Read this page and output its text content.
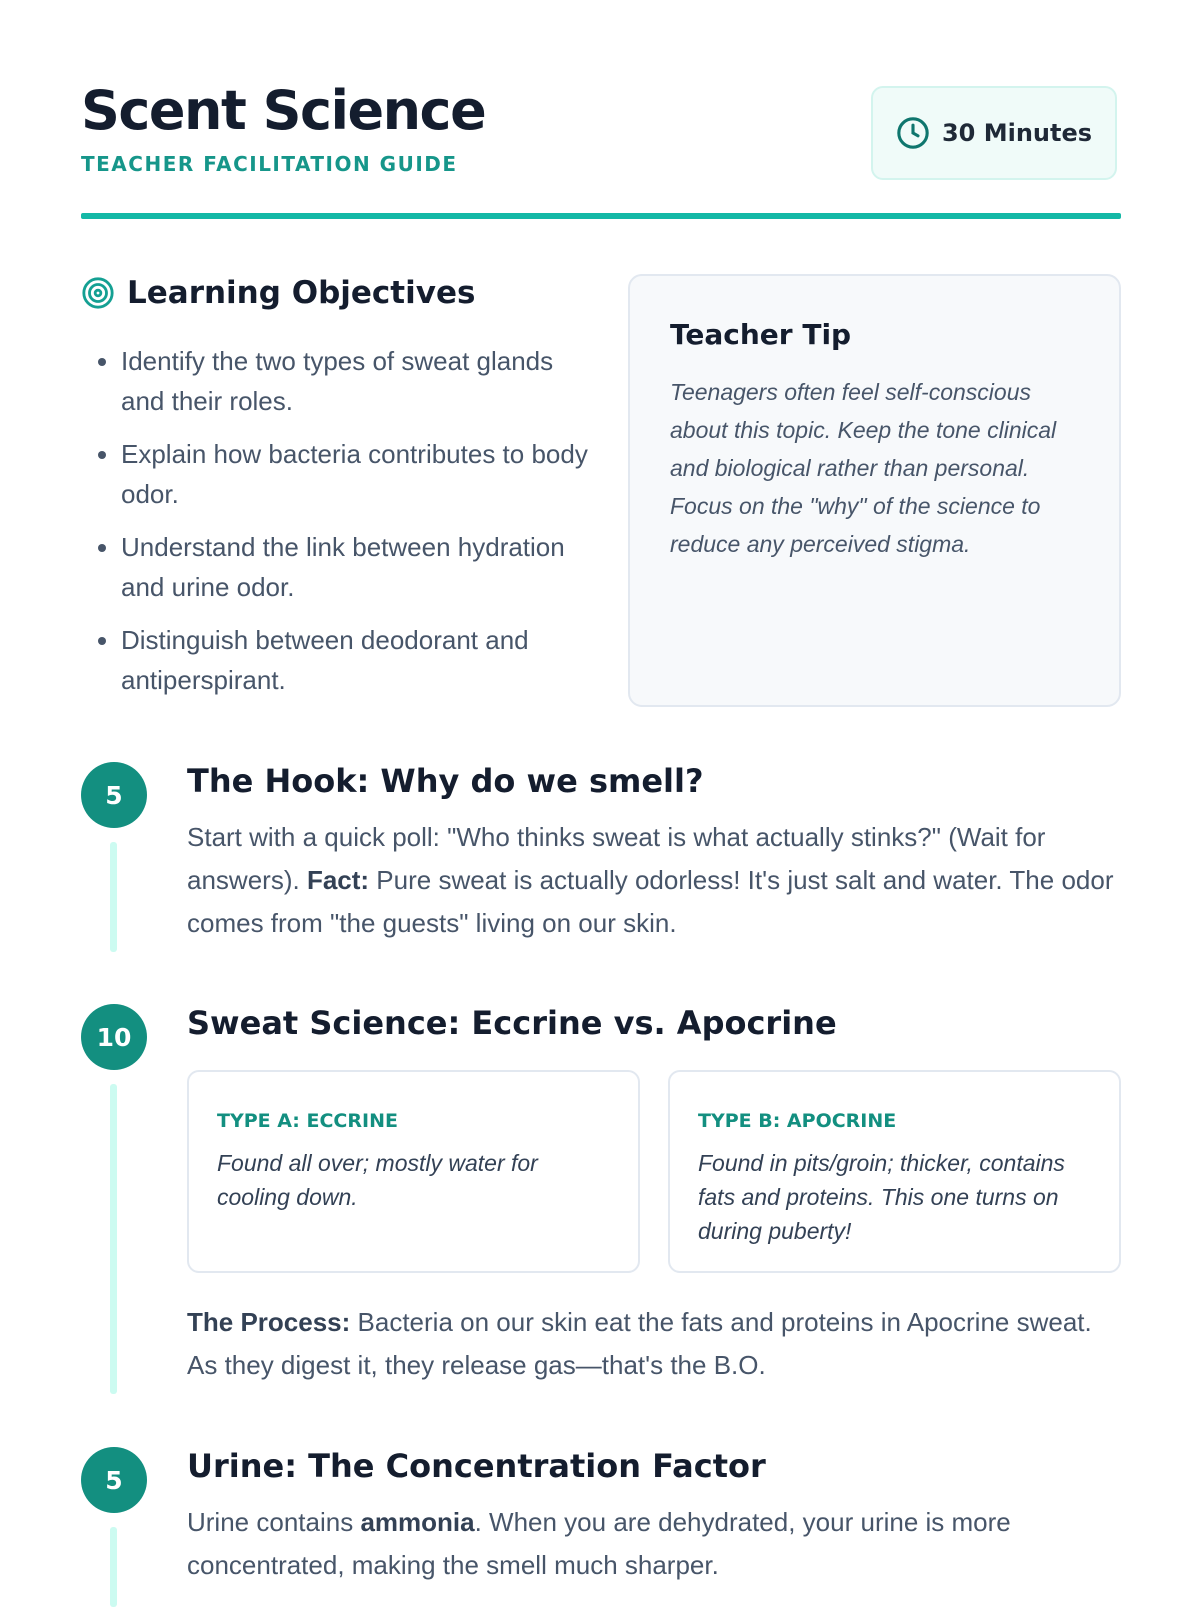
Scent Science
TEACHER FACILITATION GUIDE
30 Minutes
Learning Objectives
• Identify the two types of sweat glands and their roles.
• Explain how bacteria contributes to body odor.
• Understand the link between hydration and urine odor.
• Distinguish between deodorant and antiperspirant.
Teacher Tip
Teenagers often feel self-conscious about this topic. Keep the tone clinical and biological rather than personal. Focus on the "why" of the science to reduce any perceived stigma.
5	The Hook: Why do we smell?

Start with a quick poll: "Who thinks sweat is what actually stinks?" (Wait for answers). Fact: Pure sweat is actually odorless! It's just salt and water. The odor comes from "the guests" living on our skin.

10	Sweat Science: Eccrine vs. Apocrine
TYPE A: ECCRINE
Found all over; mostly water for cooling down.
TYPE B: APOCRINE
Found in pits/groin; thicker, contains fats and proteins. This one turns on during puberty!

The Process: Bacteria on our skin eat the fats and proteins in Apocrine sweat. As they digest it, they release gas—that's the B.O.

5	Urine: The Concentration Factor

Urine contains ammonia. When you are dehydrated, your urine is more concentrated, making the smell much sharper.
